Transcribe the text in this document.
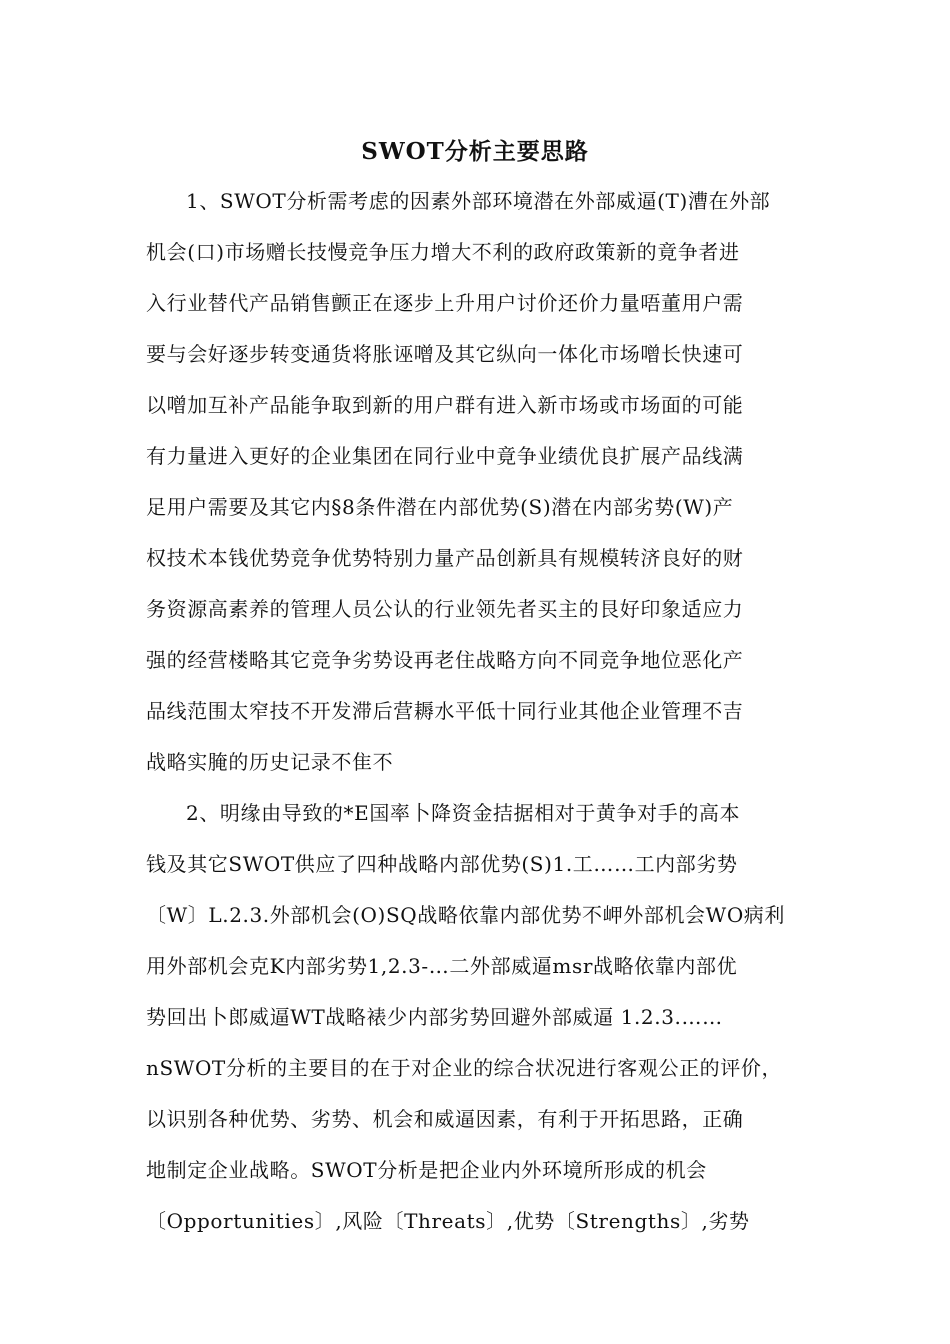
SWOT分析主要思路
1、SWOT分析需考虑的因素外部环境潜在外部威逼(T)漕在外部
机会(口)市场赠长技慢竞争压力增大不利的政府政策新的竟争者进
入行业替代产品销售颤正在逐步上升用户讨价还价力量唔董用户需
要与会好逐步转变通货将胀诬噌及其它纵向一体化市场噌长快速可
以噌加互补产品能争取到新的用户群有进入新市场或市场面的可能
有力量进入更好的企业集团在同行业中竟争业绩优良扩展产品线满
足用户需要及其它内§8条件潜在内部优势(S)潜在内部劣势(W)产
权技术本钱优势竞争优势特别力量产品创新具有规模转济良好的财
务资源高素养的管理人员公认的行业领先者买主的艮好印象适应力
强的经营楼略其它竞争劣势设再老住战略方向不同竞争地位恶化产
品线范围太窄技不开发滞后营耨水平低十同行业其他企业管理不吉
战略实腌的历史记录不隹不
2、明缘由导致的*E国率卜降资金拮据相对于黄争对手的高本
钱及其它SWOT供应了四种战略内部优势(S)1.工……工内部劣势
〔W〕L.2.3.外部机会(O)SQ战略依靠内部优势不岬外部机会WO病利
用外部机会克K内部劣势1,2.3-…二外部威逼msr战略依靠内部优
势回出卜郎威逼WT战略裱少内部劣势回避外部威逼 1.2.3.……
nSWOT分析的主要目的在于对企业的综合状况进行客观公正的评价，
以识别各种优势、劣势、机会和威逼因素，有利于开拓思路，正确
地制定企业战略。SWOT分析是把企业内外环境所形成的机会
〔Opportunities〕,风险〔Threats〕,优势〔Strengths〕,劣势
